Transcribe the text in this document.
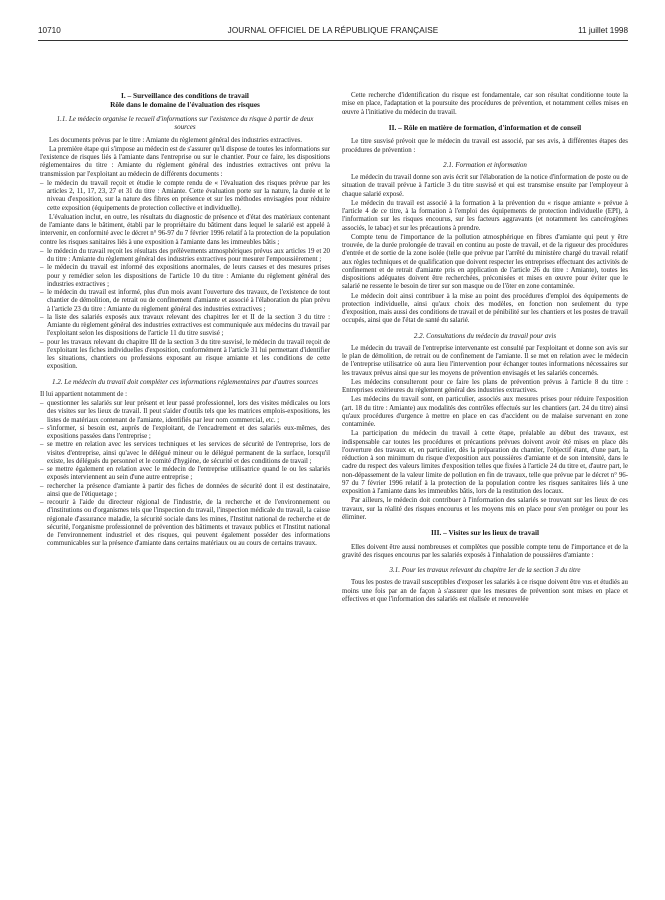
10710	JOURNAL OFFICIEL DE LA RÉPUBLIQUE FRANÇAISE	11 juillet 1998
I. – Surveillance des conditions de travail
Rôle dans le domaine de l'évaluation des risques
1.1. Le médecin organise le recueil d'informations sur l'existence du risque à partir de deux sources

Les documents prévus par le titre : Amiante du règlement général des industries extractives.

La première étape qui s'impose au médecin est de s'assurer qu'il dispose de toutes les informations sur l'existence de risques liés à l'amiante dans l'entreprise ou sur le chantier. Pour ce faire, les dispositions réglementaires du titre : Amiante du règlement général des industries extractives ont prévu la transmission par l'exploitant au médecin de différents documents :

– le médecin du travail reçoit et étudie le compte rendu de « l'évaluation des risques prévue par les articles 2, 11, 17, 23, 27 et 31 du titre : Amiante. Cette évaluation porte sur la nature, la durée et le niveau d'exposition, sur la nature des fibres en présence et sur les méthodes envisagées pour réduire cette exposition (équipements de protection collective et individuelle).

L'évaluation inclut, en outre, les résultats du diagnostic de présence et d'état des matériaux contenant de l'amiante dans le bâtiment, établi par le propriétaire du bâtiment dans lequel le salarié est appelé à intervenir, en conformité avec le décret n° 96-97 du 7 février 1996 relatif à la protection de la population contre les risques sanitaires liés à une exposition à l'amiante dans les immeubles bâtis ;

– le médecin du travail reçoit les résultats des prélèvements atmosphériques prévus aux articles 19 et 20 du titre : Amiante du règlement général des industries extractives pour mesurer l'empoussièrement ;
– le médecin du travail est informé des expositions anormales, de leurs causes et des mesures prises pour y remédier selon les dispositions de l'article 10 du titre : Amiante du règlement général des industries extractives ;
– le médecin du travail est informé, plus d'un mois avant l'ouverture des travaux, de l'existence de tout chantier de démolition, de retrait ou de confinement d'amiante et associé à l'élaboration du plan prévu à l'article 23 du titre : Amiante du règlement général des industries extractives ;
– la liste des salariés exposés aux travaux relevant des chapitres Ier et II de la section 3 du titre : Amiante du règlement général des industries extractives est communiquée aux médecins du travail par l'exploitant selon les dispositions de l'article 11 du titre susvisé ;
– pour les travaux relevant du chapitre III de la section 3 du titre susvisé, le médecin du travail reçoit de l'exploitant les fiches individuelles d'exposition, conformément à l'article 31 lui permettant d'identifier les situations, chantiers ou professions exposant au risque amiante et les conditions de cette exposition.
1.2. Le médecin du travail doit compléter ces informations réglementaires par d'autres sources

Il lui appartient notamment de :

– questionner les salariés sur leur présent et leur passé professionnel, lors des visites médicales ou lors des visites sur les lieux de travail. Il peut s'aider d'outils tels que les matrices emplois-expositions, les listes de matériaux contenant de l'amiante, identifiés par leur nom commercial, etc. ;
– s'informer, si besoin est, auprès de l'exploitant, de l'encadrement et des salariés eux-mêmes, des expositions passées dans l'entreprise ;
– se mettre en relation avec les services techniques et les services de sécurité de l'entreprise, lors de visites d'entreprise, ainsi qu'avec le délégué mineur ou le délégué permanent de la surface, lorsqu'il existe, les délégués du personnel et le comité d'hygiène, de sécurité et des conditions de travail ;
– se mettre également en relation avec le médecin de l'entreprise utilisatrice quand le ou les salariés exposés interviennent au sein d'une autre entreprise ;
– rechercher la présence d'amiante à partir des fiches de données de sécurité dont il est destinataire, ainsi que de l'étiquetage ;
– recourir à l'aide du directeur régional de l'industrie, de la recherche et de l'environnement ou d'institutions ou d'organismes tels que l'inspection du travail, l'inspection médicale du travail, la caisse régionale d'assurance maladie, la sécurité sociale dans les mines, l'Institut national de recherche et de sécurité, l'organisme professionnel de prévention des bâtiments et travaux publics et l'Institut national de l'environnement industriel et des risques, qui peuvent également posséder des informations communicables sur la présence d'amiante dans certains matériaux ou au cours de certains travaux.

Cette recherche d'identification du risque est fondamentale, car son résultat conditionne toute la mise en place, l'adaptation et la poursuite des procédures de prévention, et notamment celles mises en œuvre à l'initiative du médecin du travail.

II. – Rôle en matière de formation, d'information et de conseil

Le titre susvisé prévoit que le médecin du travail est associé, par ses avis, à différentes étapes des procédures de prévention :

2.1. Formation et information

Le médecin du travail donne son avis écrit sur l'élaboration de la notice d'information de poste ou de situation de travail prévue à l'article 3 du titre susvisé et qui est transmise ensuite par l'employeur à chaque salarié exposé.

Le médecin du travail est associé à la formation à la prévention du « risque amiante » prévue à l'article 4 de ce titre, à la formation à l'emploi des équipements de protection individuelle (EPI), à l'information sur les risques encourus, sur les facteurs aggravants (et notamment les cancérogènes associés, le tabac) et sur les précautions à prendre.

Compte tenu de l'importance de la pollution atmosphérique en fibres d'amiante qui peut y être trouvée, de la durée prolongée de travail en continu au poste de travail, et de la rigueur des procédures d'entrée et de sortie de la zone isolée (telle que prévue par l'arrêté du ministère chargé du travail relatif aux règles techniques et de qualification que doivent respecter les entreprises effectuant des activités de confinement et de retrait d'amiante pris en application de l'article 26 du titre : Amiante), toutes les dispositions adéquates doivent être recherchées, préconisées et mises en œuvre pour éviter que le salarié ne ressente le besoin de tirer sur son masque ou de l'ôter en zone contaminée.

Le médecin doit ainsi contribuer à la mise au point des procédures d'emploi des équipements de protection individuelle, ainsi qu'aux choix des modèles, en fonction non seulement du type d'exposition, mais aussi des conditions de travail et de pénibilité sur les chantiers et les postes de travail occupés, ainsi que de l'état de santé du salarié.

2.2. Consultations du médecin du travail pour avis

Le médecin du travail de l'entreprise intervenante est consulté par l'exploitant et donne son avis sur le plan de démolition, de retrait ou de confinement de l'amiante. Il se met en relation avec le médecin de l'entreprise utilisatrice où aura lieu l'intervention pour échanger toutes informations nécessaires sur les travaux prévus ainsi que sur les moyens de prévention envisagés et les salariés concernés.

Les médecins consulteront pour ce faire les plans de prévention prévus à l'article 8 du titre : Entreprises extérieures du règlement général des industries extractives.

Les médecins du travail sont, en particulier, associés aux mesures prises pour réduire l'exposition (art. 18 du titre : Amiante) aux modalités des contrôles effectués sur les chantiers (art. 24 du titre) ainsi qu'aux procédures d'urgence à mettre en place en cas d'accident ou de malaise survenant en zone contaminée.

La participation du médecin du travail à cette étape, préalable au début des travaux, est indispensable car toutes les procédures et précautions prévues doivent avoir été mises en place dès l'ouverture des travaux et, en particulier, dès la préparation du chantier, l'objectif étant, d'une part, la réduction à son minimum du risque d'exposition aux poussières d'amiante et de son intensité, dans le cadre du respect des valeurs limites d'exposition telles que fixées à l'article 24 du titre et, d'autre part, le non-dépassement de la valeur limite de pollution en fin de travaux, telle que prévue par le décret n° 96-97 du 7 février 1996 relatif à la protection de la population contre les risques sanitaires liés à une exposition à l'amiante dans les immeubles bâtis, lors de la restitution des locaux.

Par ailleurs, le médecin doit contribuer à l'information des salariés se trouvant sur les lieux de ces travaux, sur la réalité des risques encourus et les moyens mis en place pour s'en protéger ou pour les éliminer.

III. – Visites sur les lieux de travail

Elles doivent être aussi nombreuses et complètes que possible compte tenu de l'importance et de la gravité des risques encourus par les salariés exposés à l'inhalation de poussières d'amiante :

3.1. Pour les travaux relevant du chapitre Ier de la section 3 du titre

Tous les postes de travail susceptibles d'exposer les salariés à ce risque doivent être vus et étudiés au moins une fois par an de façon à s'assurer que les mesures de prévention sont mises en place et effectives et que l'information des salariés est réalisée et renouvelée
